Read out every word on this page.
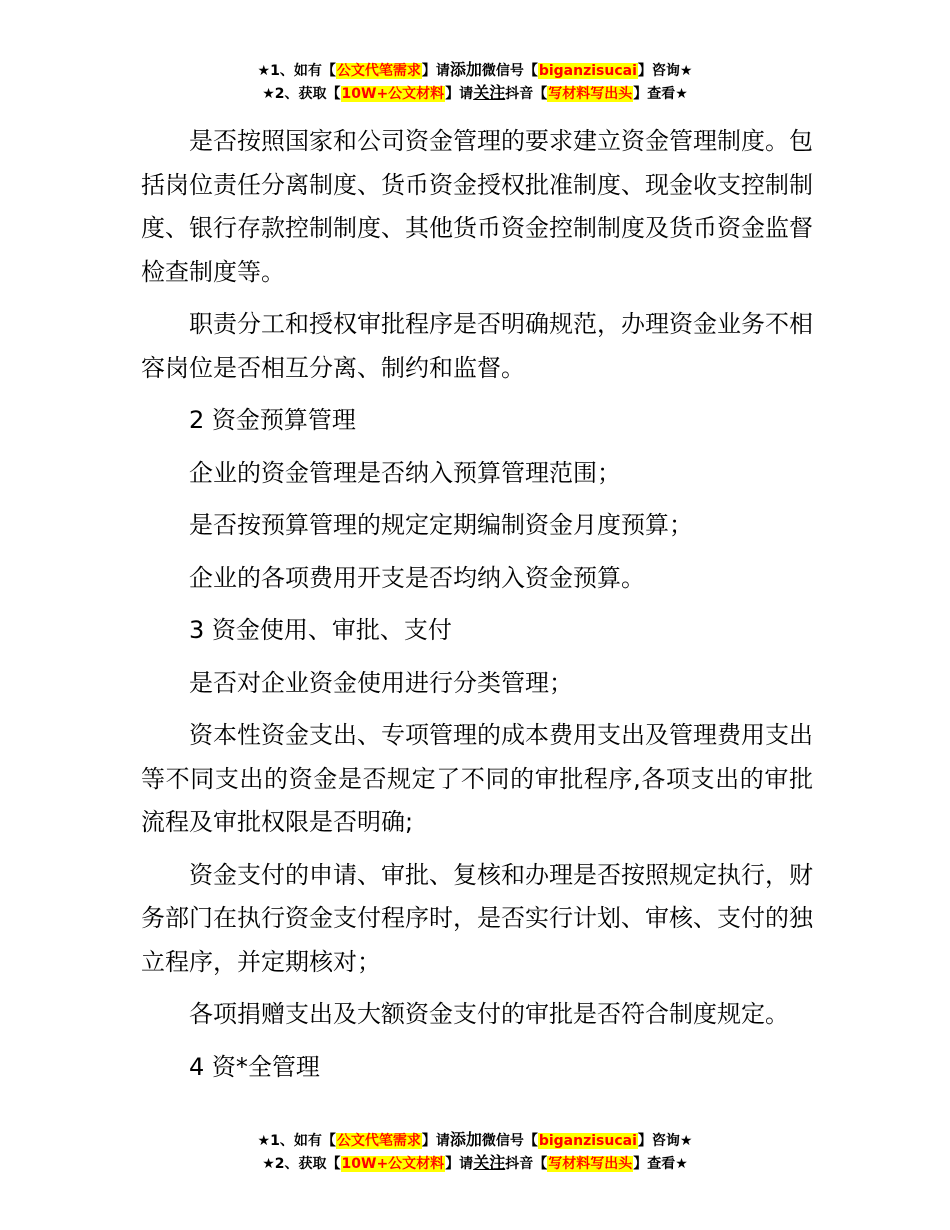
★1、如有【公文代笔需求】请添加微信号【biganzisucai】咨询★
★2、获取【10W+公文材料】请关注抖音【写材料写出头】查看★

是否按照国家和公司资金管理的要求建立资金管理制度。包括岗位责任分离制度、货币资金授权批准制度、现金收支控制制度、银行存款控制制度、其他货币资金控制制度及货币资金监督检查制度等。

职责分工和授权审批程序是否明确规范，办理资金业务不相容岗位是否相互分离、制约和监督。

2 资金预算管理

企业的资金管理是否纳入预算管理范围；

是否按预算管理的规定定期编制资金月度预算；

企业的各项费用开支是否均纳入资金预算。

3 资金使用、审批、支付

是否对企业资金使用进行分类管理；

资本性资金支出、专项管理的成本费用支出及管理费用支出等不同支出的资金是否规定了不同的审批程序,各项支出的审批流程及审批权限是否明确;

资金支付的申请、审批、复核和办理是否按照规定执行，财务部门在执行资金支付程序时，是否实行计划、审核、支付的独立程序，并定期核对；

各项捐赠支出及大额资金支付的审批是否符合制度规定。

4 资*全管理

★1、如有【公文代笔需求】请添加微信号【biganzisucai】咨询★
★2、获取【10W+公文材料】请关注抖音【写材料写出头】查看★
